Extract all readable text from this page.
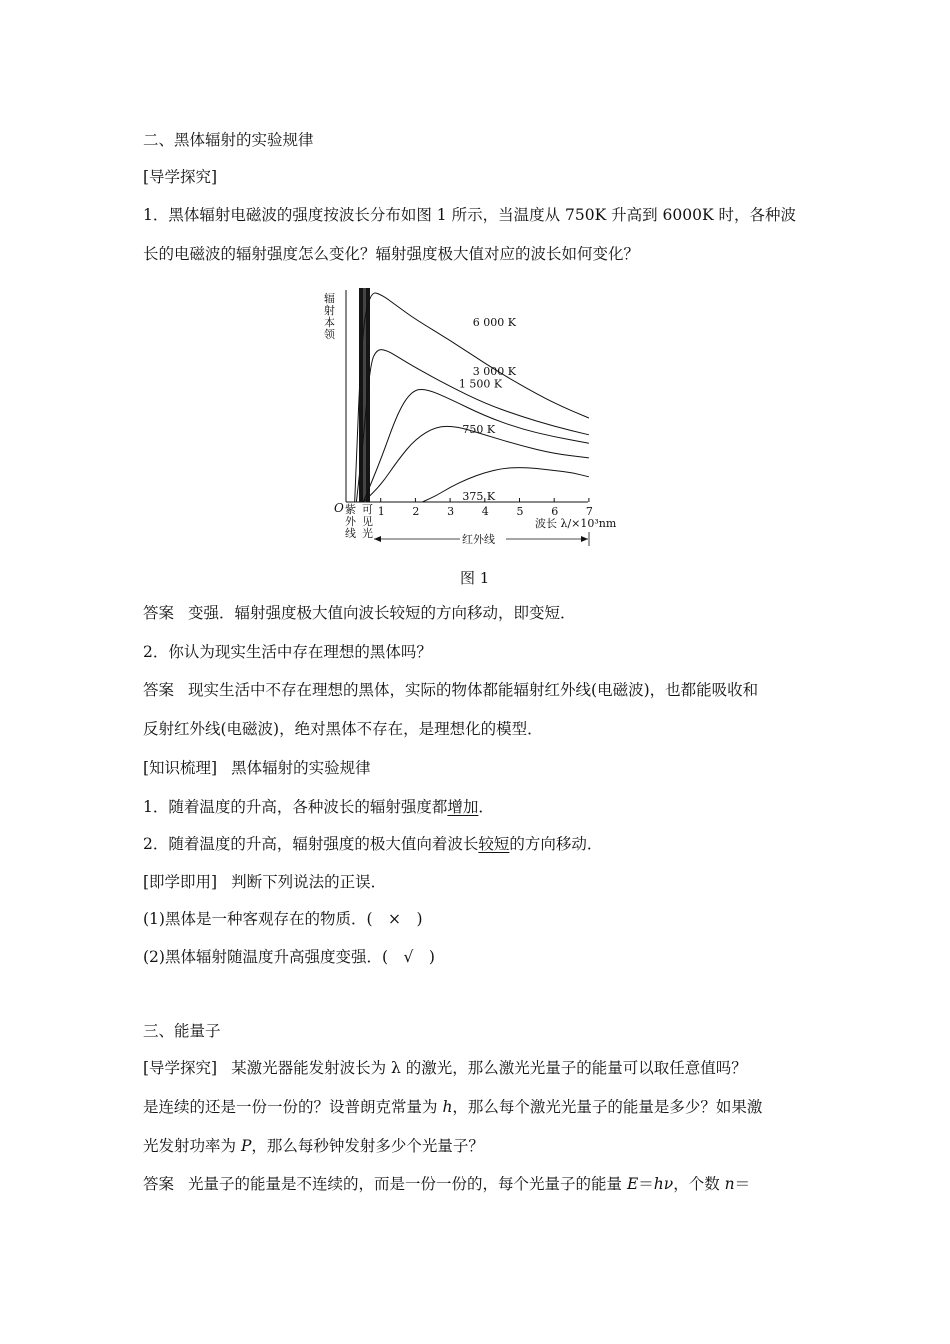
二、黑体辐射的实验规律
[导学探究]
1．黑体辐射电磁波的强度按波长分布如图 1 所示，当温度从 750K 升高到 6000K 时，各种波
长的电磁波的辐射强度怎么变化？辐射强度极大值对应的波长如何变化？
辐射本领
O	1	2	3	4	5	6	7
6 000 K
3 000 K
1 500 K
750 K
375 K
紫外线
可见光
波长 λ/×10³nm
红外线
图 1
答案 变强．辐射强度极大值向波长较短的方向移动，即变短．
2．你认为现实生活中存在理想的黑体吗？
答案 现实生活中不存在理想的黑体，实际的物体都能辐射红外线(电磁波)，也都能吸收和
反射红外线(电磁波)，绝对黑体不存在，是理想化的模型．
[知识梳理] 黑体辐射的实验规律
1．随着温度的升高，各种波长的辐射强度都增加．
2．随着温度的升高，辐射强度的极大值向着波长较短的方向移动．
[即学即用] 判断下列说法的正误．
(1)黑体是一种客观存在的物质．(　×　)
(2)黑体辐射随温度升高强度变强．(　√　)
三、能量子
[导学探究] 某激光器能发射波长为 λ 的激光，那么激光光量子的能量可以取任意值吗？
是连续的还是一份一份的？设普朗克常量为 h，那么每个激光光量子的能量是多少？如果激
光发射功率为 P，那么每秒钟发射多少个光量子？
答案 光量子的能量是不连续的，而是一份一份的，每个光量子的能量 E＝hν，个数 n＝
